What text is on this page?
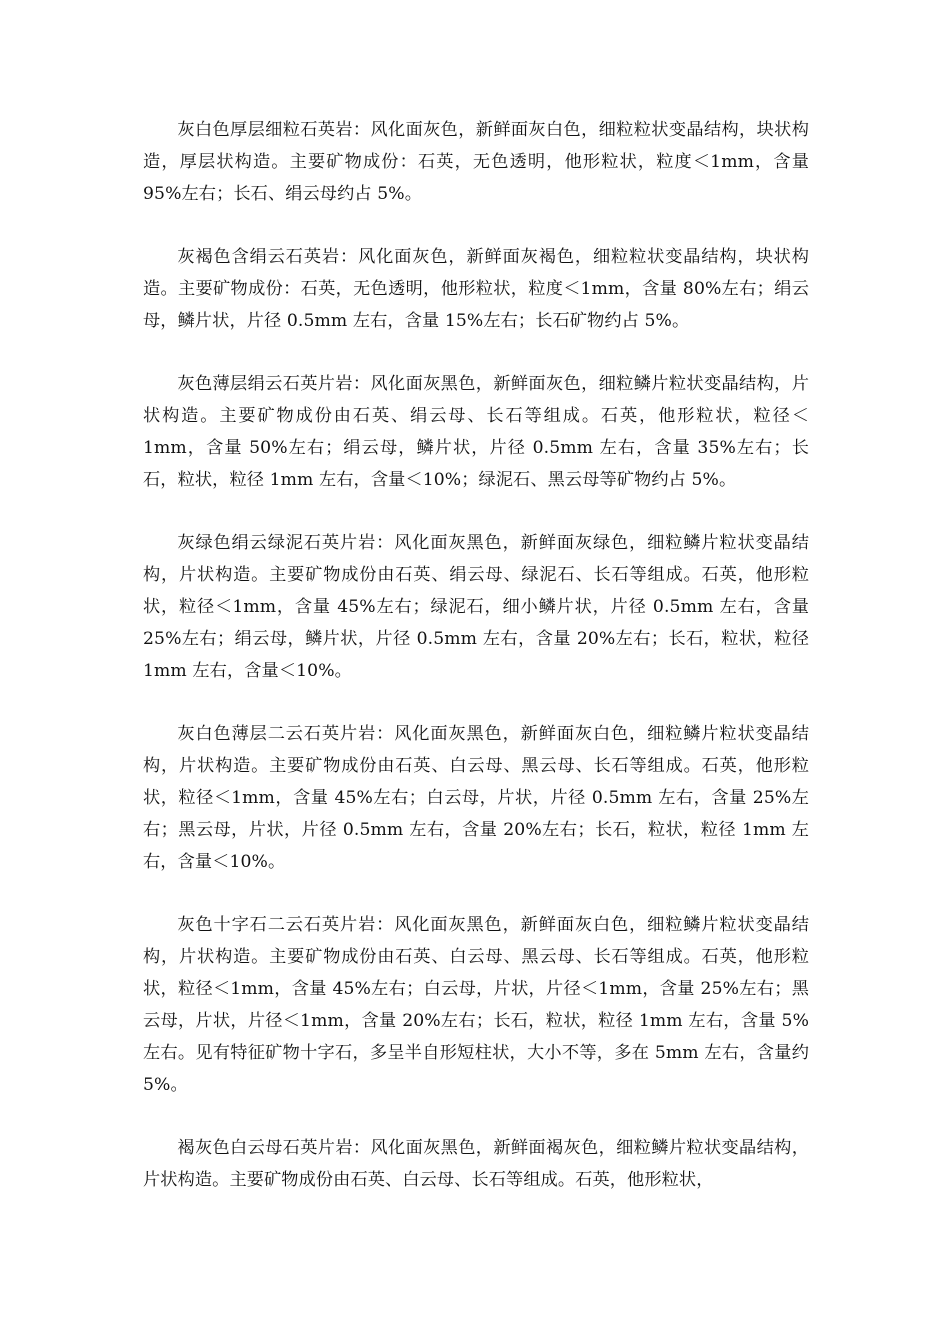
灰白色厚层细粒石英岩：风化面灰色，新鲜面灰白色，细粒粒状变晶结构，块状构造，厚层状构造。主要矿物成份：石英，无色透明，他形粒状，粒度＜1mm，含量 95%左右；长石、绢云母约占 5%。

灰褐色含绢云石英岩：风化面灰色，新鲜面灰褐色，细粒粒状变晶结构，块状构造。主要矿物成份：石英，无色透明，他形粒状，粒度＜1mm，含量 80%左右；绢云母，鳞片状，片径 0.5mm 左右，含量 15%左右；长石矿物约占 5%。

灰色薄层绢云石英片岩：风化面灰黑色，新鲜面灰色，细粒鳞片粒状变晶结构，片状构造。主要矿物成份由石英、绢云母、长石等组成。石英，他形粒状，粒径＜1mm，含量 50%左右；绢云母，鳞片状，片径 0.5mm 左右，含量 35%左右；长石，粒状，粒径 1mm 左右，含量＜10%；绿泥石、黑云母等矿物约占 5%。

灰绿色绢云绿泥石英片岩：风化面灰黑色，新鲜面灰绿色，细粒鳞片粒状变晶结构，片状构造。主要矿物成份由石英、绢云母、绿泥石、长石等组成。石英，他形粒状，粒径＜1mm，含量 45%左右；绿泥石，细小鳞片状，片径 0.5mm 左右，含量 25%左右；绢云母，鳞片状，片径 0.5mm 左右，含量 20%左右；长石，粒状，粒径 1mm 左右，含量＜10%。

灰白色薄层二云石英片岩：风化面灰黑色，新鲜面灰白色，细粒鳞片粒状变晶结构，片状构造。主要矿物成份由石英、白云母、黑云母、长石等组成。石英，他形粒状，粒径＜1mm，含量 45%左右；白云母，片状，片径 0.5mm 左右，含量 25%左右；黑云母，片状，片径 0.5mm 左右，含量 20%左右；长石，粒状，粒径 1mm 左右，含量＜10%。

灰色十字石二云石英片岩：风化面灰黑色，新鲜面灰白色，细粒鳞片粒状变晶结构，片状构造。主要矿物成份由石英、白云母、黑云母、长石等组成。石英，他形粒状，粒径＜1mm，含量 45%左右；白云母，片状，片径＜1mm，含量 25%左右；黑云母，片状，片径＜1mm，含量 20%左右；长石，粒状，粒径 1mm 左右，含量 5%左右。见有特征矿物十字石，多呈半自形短柱状，大小不等，多在 5mm 左右，含量约 5%。

褐灰色白云母石英片岩：风化面灰黑色，新鲜面褐灰色，细粒鳞片粒状变晶结构，片状构造。主要矿物成份由石英、白云母、长石等组成。石英，他形粒状，
